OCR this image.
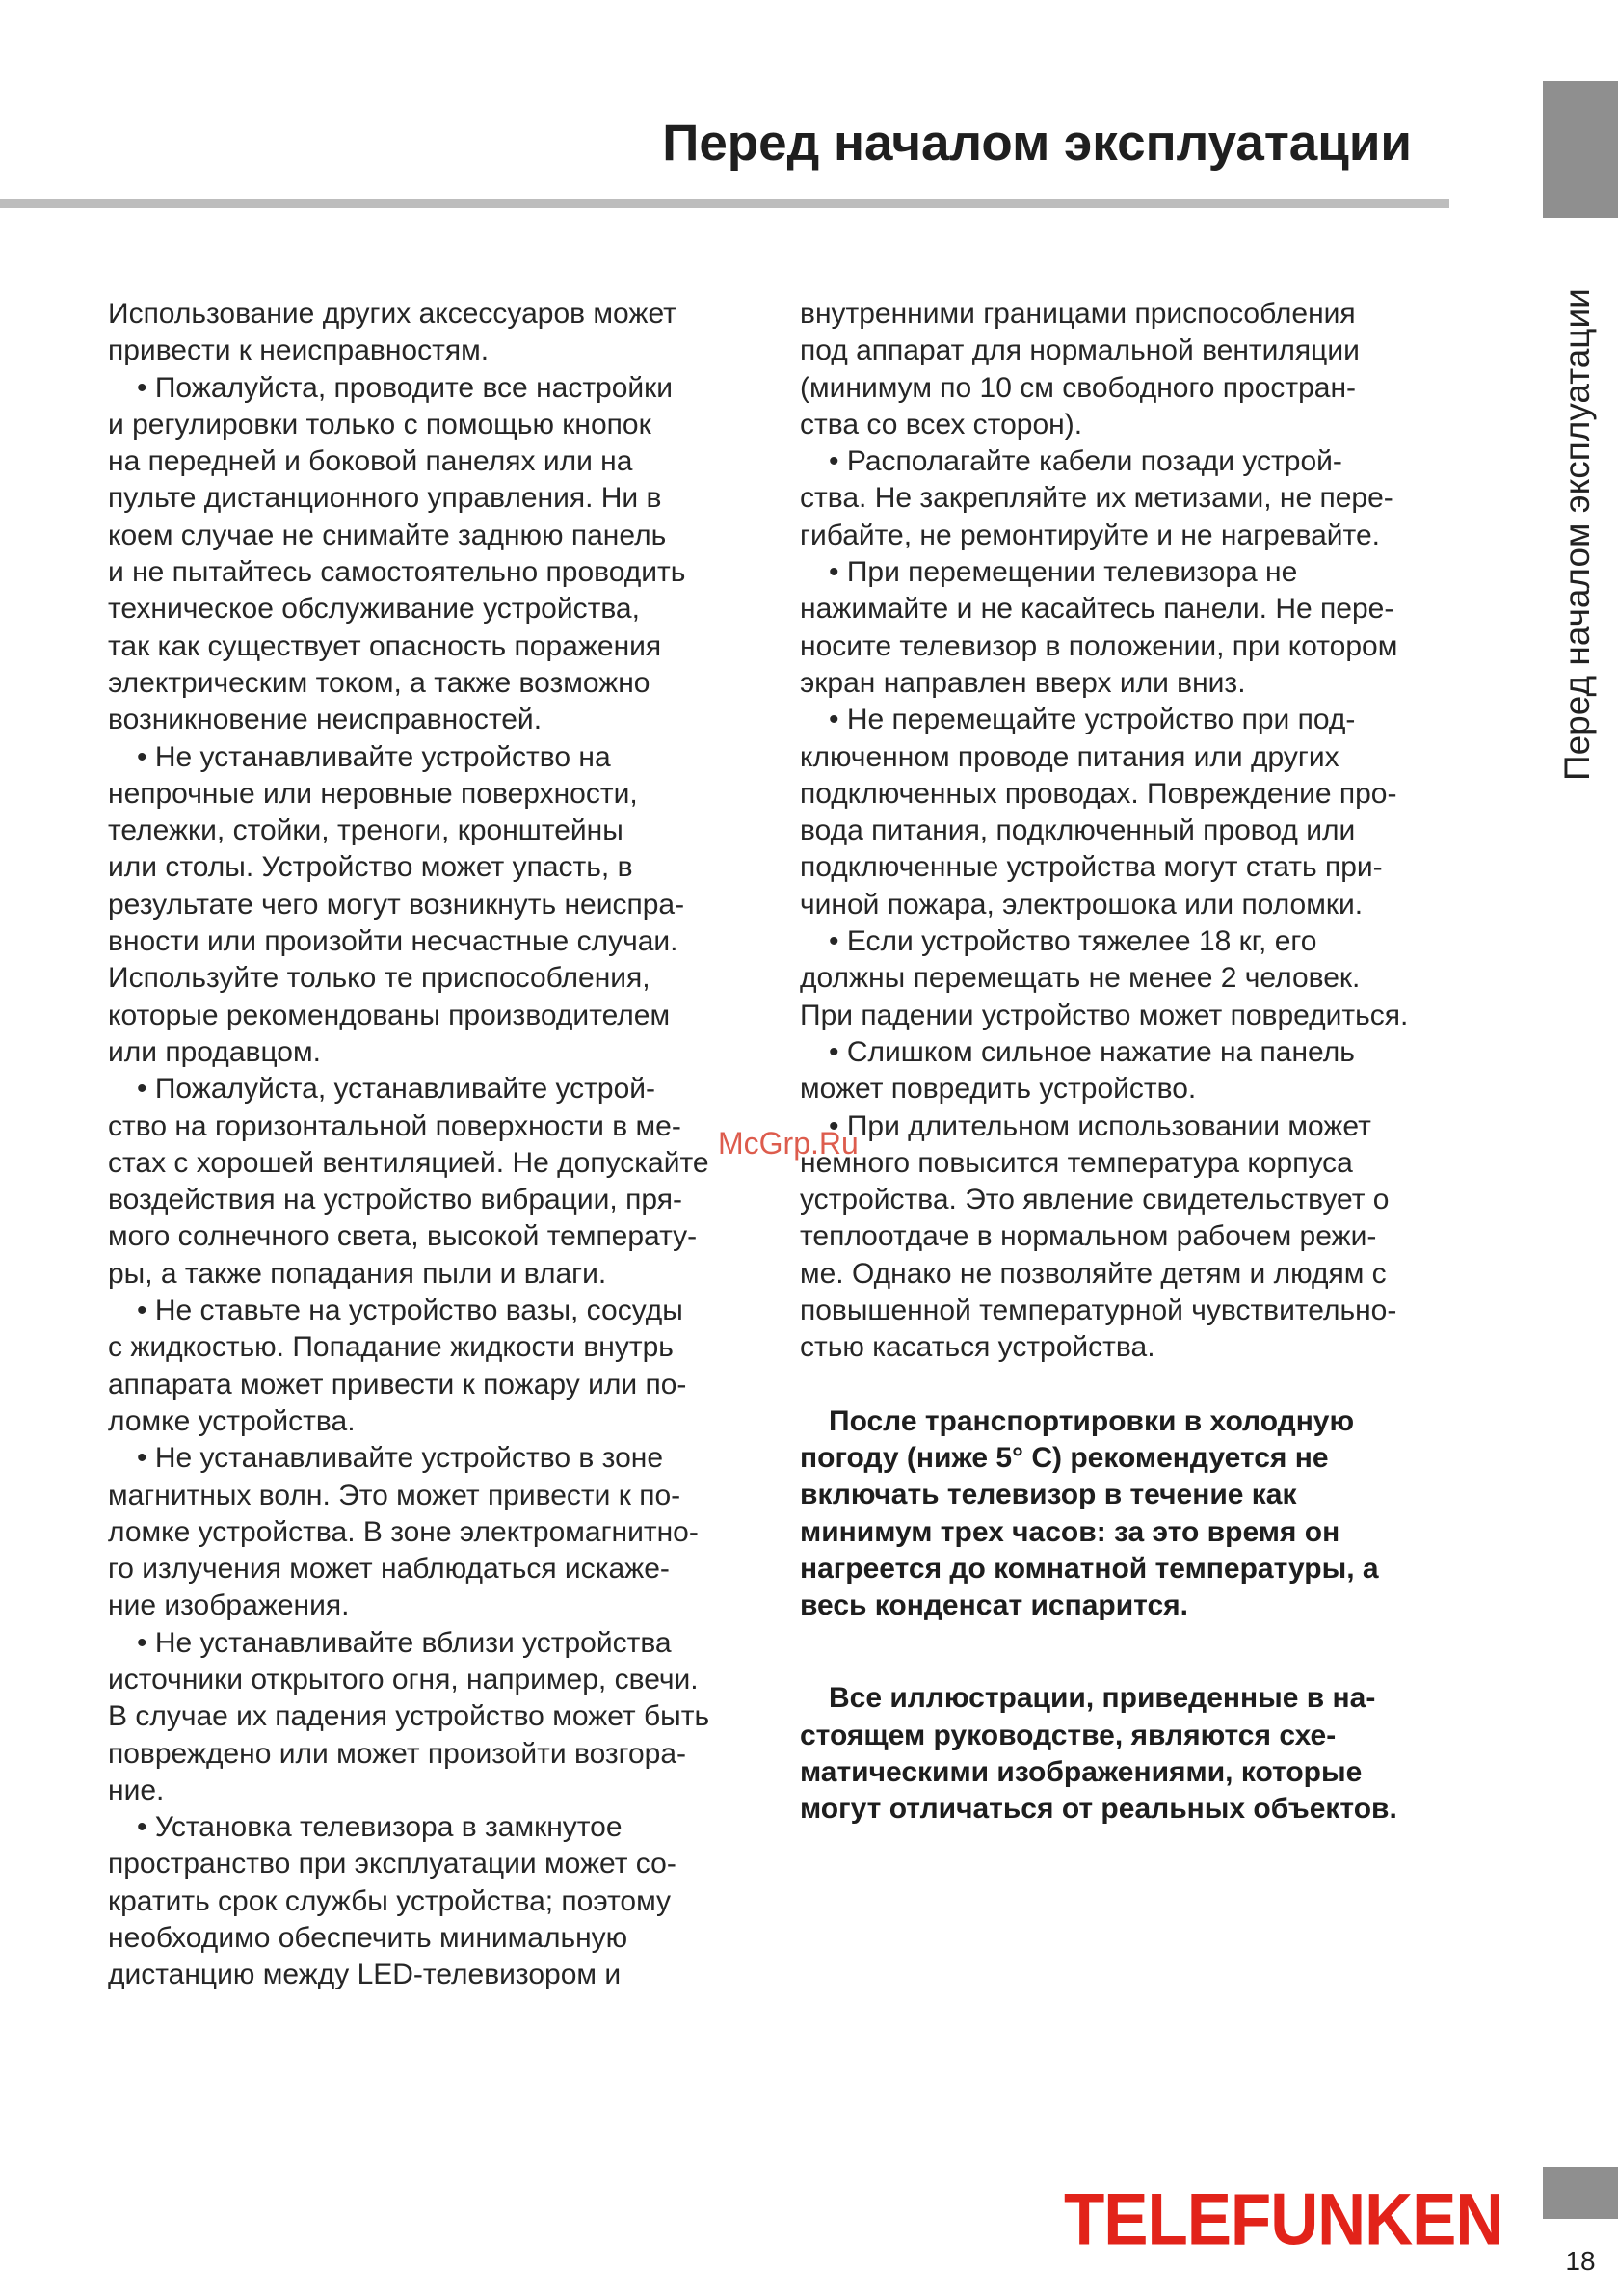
Перед началом эксплуатации
Перед началом эксплуатации
Использование других аксессуаров может
привести к неисправностям.
• Пожалуйста, проводите все настройки
и регулировки только с помощью кнопок
на передней и боковой панелях или на
пульте дистанционного управления. Ни в
коем случае не снимайте заднюю панель
и не пытайтесь самостоятельно проводить
техническое обслуживание устройства,
так как существует опасность поражения
электрическим током, а также возможно
возникновение неисправностей.
• Не устанавливайте устройство на
непрочные или неровные поверхности,
тележки, стойки, треноги, кронштейны
или столы. Устройство может упасть, в
результате чего могут возникнуть неиспра-
вности или произойти несчастные случаи.
Используйте только те приспособления,
которые рекомендованы производителем
или продавцом.
• Пожалуйста, устанавливайте устрой-
ство на горизонтальной поверхности в ме-
стах с хорошей вентиляцией. Не допускайте
воздействия на устройство вибрации, пря-
мого солнечного света, высокой температу-
ры, а также попадания пыли и влаги.
• Не ставьте на устройство вазы, сосуды
с жидкостью. Попадание жидкости внутрь
аппарата может привести к пожару или по-
ломке устройства.
• Не устанавливайте устройство в зоне
магнитных волн. Это может привести к по-
ломке устройства. В зоне электромагнитно-
го излучения может наблюдаться искаже-
ние изображения.
• Не устанавливайте вблизи устройства
источники открытого огня, например, свечи.
В случае их падения устройство может быть
повреждено или может произойти возгора-
ние.
• Установка телевизора в замкнутое
пространство при эксплуатации может со-
кратить срок службы устройства; поэтому
необходимо обеспечить минимальную
дистанцию между LED-телевизором и
внутренними границами приспособления
под аппарат для нормальной вентиляции
(минимум по 10 см свободного простран-
ства со всех сторон).
• Располагайте кабели позади устрой-
ства. Не закрепляйте их метизами, не пере-
гибайте, не ремонтируйте и не нагревайте.
• При перемещении телевизора не
нажимайте и не касайтесь панели. Не пере-
носите телевизор в положении, при котором
экран направлен вверх или вниз.
• Не перемещайте устройство при под-
ключенном проводе питания или других
подключенных проводах. Повреждение про-
вода питания, подключенный провод или
подключенные устройства могут стать при-
чиной пожара, электрошока или поломки.
• Если устройство тяжелее 18 кг, его
должны перемещать не менее 2 человек.
При падении устройство может повредиться.
• Слишком сильное нажатие на панель
может повредить устройство.
• При длительном использовании может
немного повысится температура корпуса
устройства. Это явление свидетельствует о
теплоотдаче в нормальном рабочем режи-
ме. Однако не позволяйте детям и людям с
повышенной температурной чувствительно-
стью касаться устройства.
После транспортировки в холодную
погоду (ниже 5° С) рекомендуется не
включать телевизор в течение как
минимум трех часов: за это время он
нагреется до комнатной температуры, а
весь конденсат испарится.
Все иллюстрации, приведенные в на-
стоящем руководстве, являются схе-
матическими изображениями, которые
могут отличаться от реальных объектов.
McGrp.Ru
TELEFUNKEN
18
